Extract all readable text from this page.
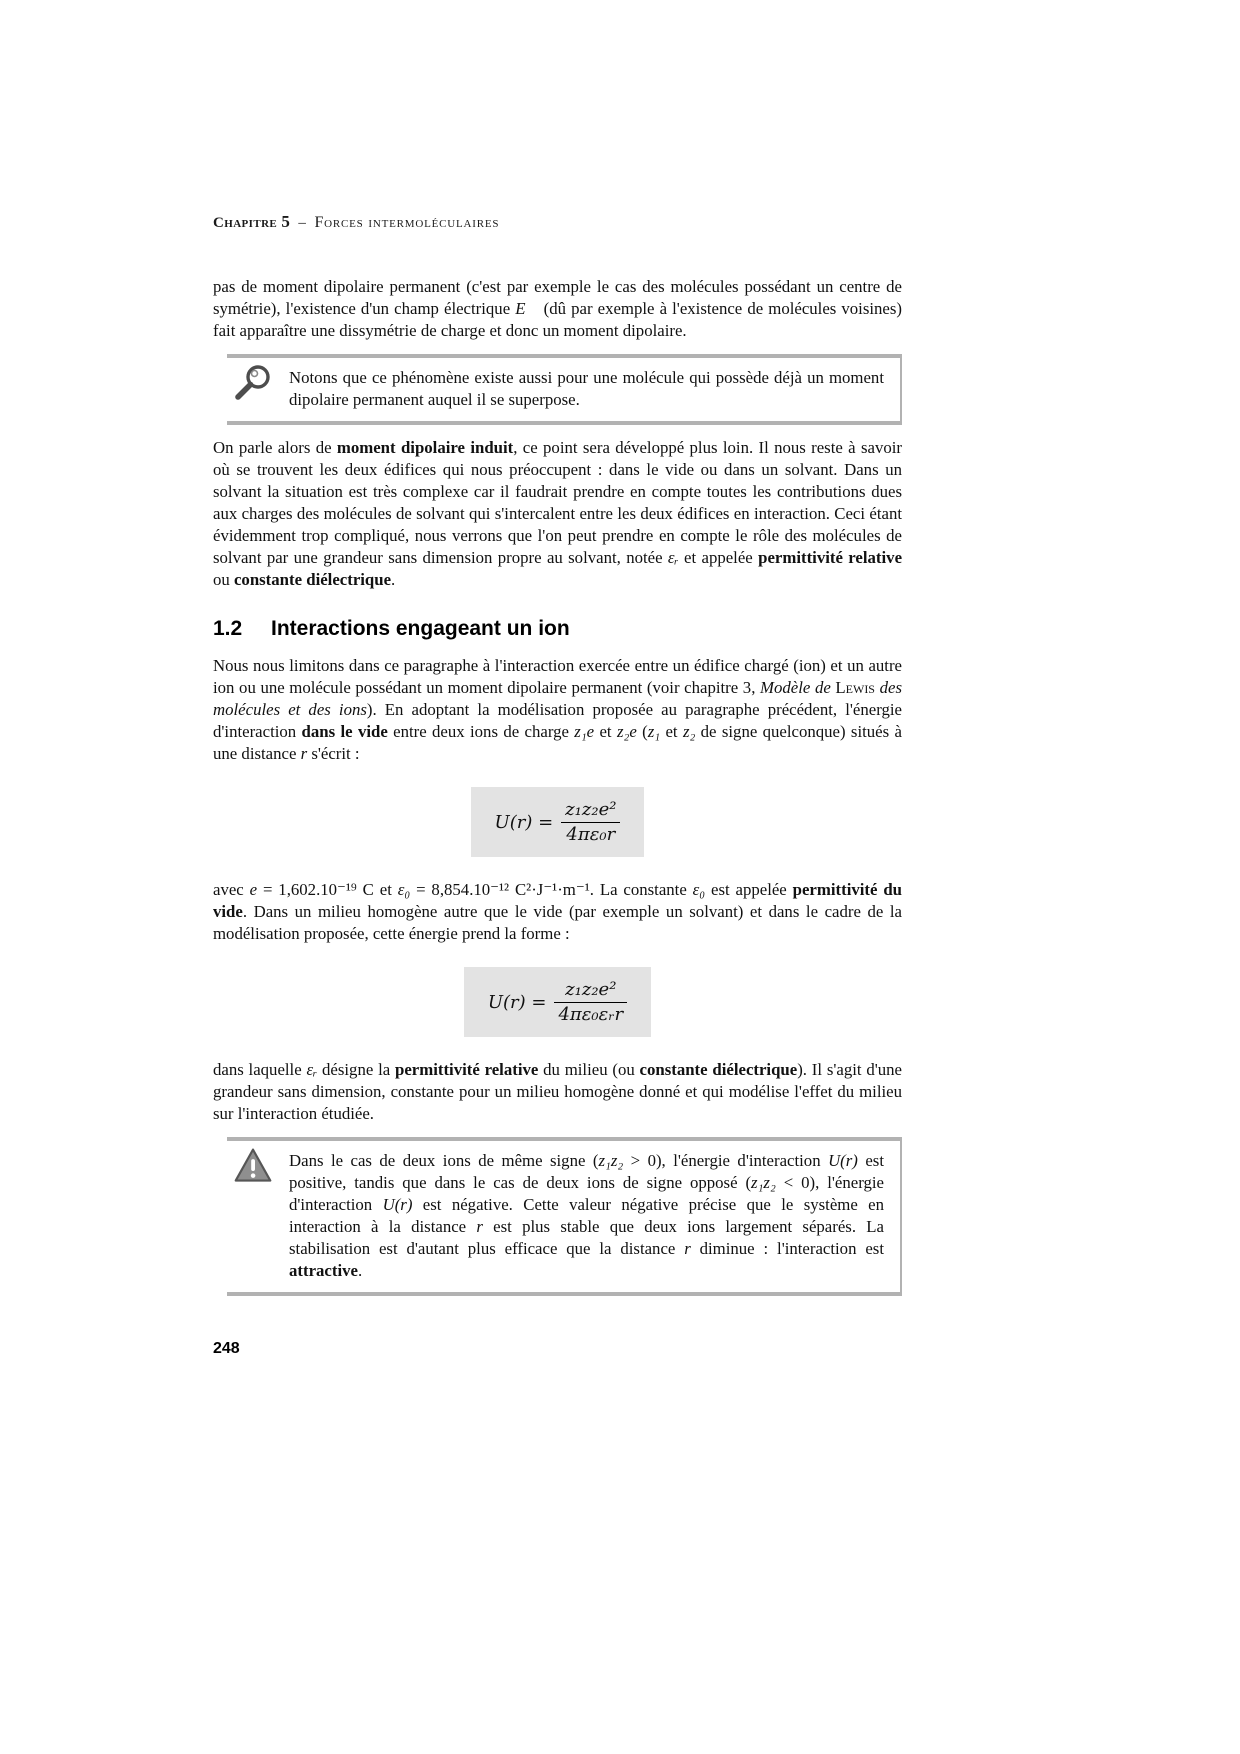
Chapitre 5 – Forces intermoléculaires

pas de moment dipolaire permanent (c'est par exemple le cas des molécules possédant un centre de symétrie), l'existence d'un champ électrique E⃗ (dû par exemple à l'existence de molécules voisines) fait apparaître une dissymétrie de charge et donc un moment dipolaire.

Notons que ce phénomène existe aussi pour une molécule qui possède déjà un moment dipolaire permanent auquel il se superpose.

On parle alors de moment dipolaire induit, ce point sera développé plus loin. Il nous reste à savoir où se trouvent les deux édifices qui nous préoccupent : dans le vide ou dans un solvant. Dans un solvant la situation est très complexe car il faudrait prendre en compte toutes les contributions dues aux charges des molécules de solvant qui s'intercalent entre les deux édifices en interaction. Ceci étant évidemment trop compliqué, nous verrons que l'on peut prendre en compte le rôle des molécules de solvant par une grandeur sans dimension propre au solvant, notée εᵣ et appelée permittivité relative ou constante diélectrique.

1.2	Interactions engageant un ion

Nous nous limitons dans ce paragraphe à l'interaction exercée entre un édifice chargé (ion) et un autre ion ou une molécule possédant un moment dipolaire permanent (voir chapitre 3, Modèle de Lewis des molécules et des ions). En adoptant la modélisation proposée au paragraphe précédent, l'énergie d'interaction dans le vide entre deux ions de charge z₁e et z₂e (z₁ et z₂ de signe quelconque) situés à une distance r s'écrit :

$U(r) = \frac{\text{z₁z₂e²}}{\text{4πε₀r}}$

avec e = 1,602.10⁻¹⁹ C et ε₀ = 8,854.10⁻¹² C²·J⁻¹·m⁻¹. La constante ε₀ est appelée permittivité du vide. Dans un milieu homogène autre que le vide (par exemple un solvant) et dans le cadre de la modélisation proposée, cette énergie prend la forme :

$U(r) = \frac{\text{z₁z₂e²}}{\text{4πε₀εᵣr}}$

dans laquelle εᵣ désigne la permittivité relative du milieu (ou constante diélectrique). Il s'agit d'une grandeur sans dimension, constante pour un milieu homogène donné et qui modélise l'effet du milieu sur l'interaction étudiée.

Dans le cas de deux ions de même signe (z₁z₂ > 0), l'énergie d'interaction U(r) est positive, tandis que dans le cas de deux ions de signe opposé (z₁z₂ < 0), l'énergie d'interaction U(r) est négative. Cette valeur négative précise que le système en interaction à la distance r est plus stable que deux ions largement séparés. La stabilisation est d'autant plus efficace que la distance r diminue : l'interaction est attractive.

248
